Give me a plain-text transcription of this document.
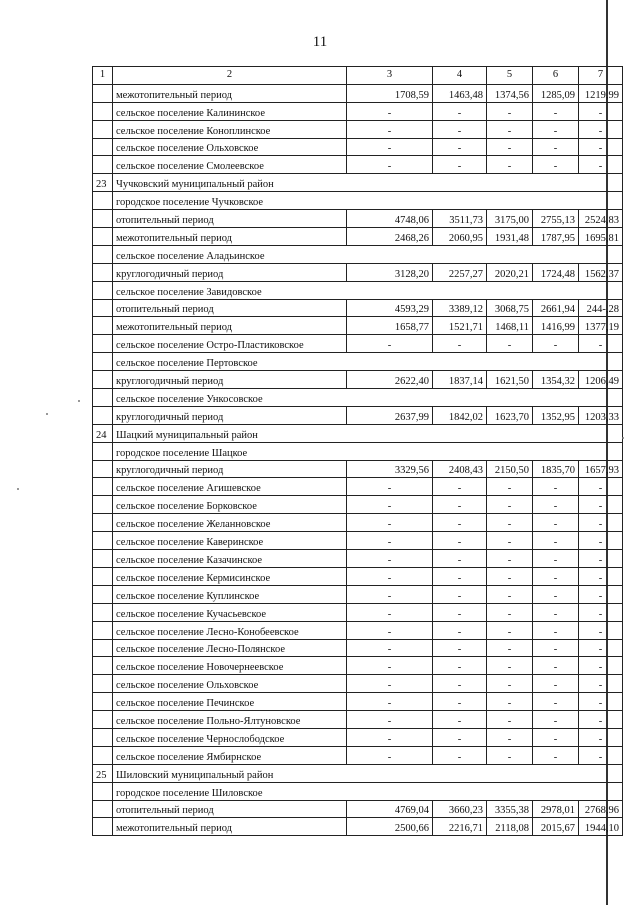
11
1	2	3	4	5	6	7
	межотопительный период	1708,59	1463,48	1374,56	1285,09	1219,99
	сельское поселение Калининское	-	-	-	-	-
	сельское поселение Коноплинское	-	-	-	-	-
	сельское поселение Ольховское	-	-	-	-	-
	сельское поселение Смолеевское	-	-	-	-	-
23	Чучковский муниципальный район					
	городское поселение Чучковское					
	отопительный период	4748,06	3511,73	3175,00	2755,13	2524,83
	межотопительный период	2468,26	2060,95	1931,48	1787,95	1695,81
	сельское поселение Аладьинское					
	круглогодичный период	3128,20	2257,27	2020,21	1724,48	1562,37
	сельское поселение Завидовское					
	отопительный период	4593,29	3389,12	3068,75	2661,94	244-,28
	межотопительный период	1658,77	1521,71	1468,11	1416,99	1377,19
	сельское поселение Остро-Пластиковское	-	-	-	-	-
	сельское поселение Пертовское					
	круглогодичный период	2622,40	1837,14	1621,50	1354,32	1206,49
	сельское поселение Ункосовское					
	круглогодичный период	2637,99	1842,02	1623,70	1352,95	1203,33
24	Шацкий муниципальный район					
	городское поселение Шацкое					
	круглогодичный период	3329,56	2408,43	2150,50	1835,70	1657,93
	сельское поселение Агишевское	-	-	-	-	-
	сельское поселение Борковское	-	-	-	-	-
	сельское поселение Желанновское	-	-	-	-	-
	сельское поселение Каверинское	-	-	-	-	-
	сельское поселение Казачинское	-	-	-	-	-
	сельское поселение Кермисинское	-	-	-	-	-
	сельское поселение Куплинское	-	-	-	-	-
	сельское поселение Кучасьевское	-	-	-	-	-
	сельское поселение Лесно-Конобеевское	-	-	-	-	-
	сельское поселение Лесно-Полянское	-	-	-	-	-
	сельское поселение Новочернеевское	-	-	-	-	-
	сельское поселение Ольховское	-	-	-	-	-
	сельское поселение Печинское	-	-	-	-	-
	сельское поселение Польно-Ялтуновское	-	-	-	-	-
	сельское поселение Чернослободское	-	-	-	-	-
	сельское поселение Ямбирнское	-	-	-	-	-
25	Шиловский муниципальный район					
	городское поселение Шиловское					
	отопительный период	4769,04	3660,23	3355,38	2978,01	2768,96
	межотопительный период	2500,66	2216,71	2118,08	2015,67	1944,10
